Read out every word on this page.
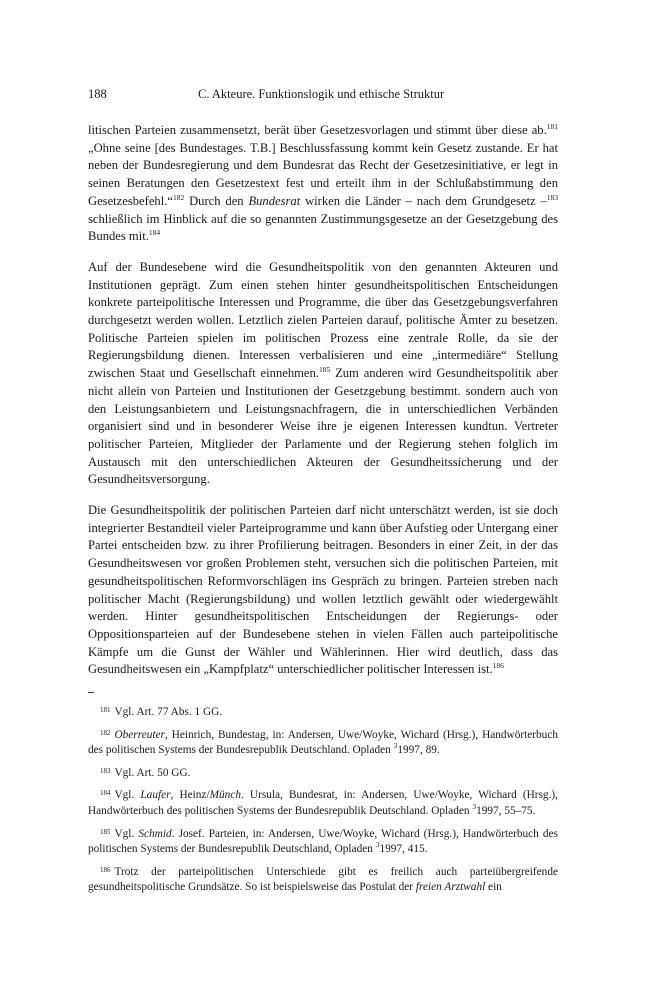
188	C. Akteure. Funktionslogik und ethische Struktur

litischen Parteien zusammensetzt, berät über Gesetzesvorlagen und stimmt über diese ab.$^{181}$ „Ohne seine [des Bundestages. T.B.] Beschlussfassung kommt kein Gesetz zustande. Er hat neben der Bundesregierung und dem Bundesrat das Recht der Gesetzesinitiative, er legt in seinen Beratungen den Gesetzestext fest und erteilt ihm in der Schlußabstimmung den Gesetzesbefehl.“$^{182}$ Durch den Bundesrat wirken die Länder – nach dem Grundgesetz –$^{183}$ schließlich im Hinblick auf die so genannten Zustimmungsgesetze an der Gesetzgebung des Bundes mit.$^{184}$

Auf der Bundesebene wird die Gesundheitspolitik von den genannten Akteuren und Institutionen geprägt. Zum einen stehen hinter gesundheitspolitischen Entscheidungen konkrete parteipolitische Interessen und Programme, die über das Gesetzgebungsverfahren durchgesetzt werden wollen. Letztlich zielen Parteien darauf, politische Ämter zu besetzen. Politische Parteien spielen im politischen Prozess eine zentrale Rolle, da sie der Regierungsbildung dienen. Interessen verbalisieren und eine „intermediäre“ Stellung zwischen Staat und Gesellschaft einnehmen.$^{185}$ Zum anderen wird Gesundheitspolitik aber nicht allein von Parteien und Institutionen der Gesetzgebung bestimmt. sondern auch von den Leistungsanbietern und Leistungsnachfragern, die in unterschiedlichen Verbänden organisiert sind und in besonderer Weise ihre je eigenen Interessen kundtun. Vertreter politischer Parteien, Mitglieder der Parlamente und der Regierung stehen folglich im Austausch mit den unterschiedlichen Akteuren der Gesundheitssicherung und der Gesundheitsversorgung.

Die Gesundheitspolitik der politischen Parteien darf nicht unterschätzt werden, ist sie doch integrierter Bestandteil vieler Parteiprogramme und kann über Aufstieg oder Untergang einer Partei entscheiden bzw. zu ihrer Profilierung beitragen. Besonders in einer Zeit, in der das Gesundheitswesen vor großen Problemen steht, versuchen sich die politischen Parteien, mit gesundheitspolitischen Reformvorschlägen ins Gespräch zu bringen. Parteien streben nach politischer Macht (Regierungsbildung) und wollen letztlich gewählt oder wiedergewählt werden. Hinter gesundheitspolitischen Entscheidungen der Regierungs- oder Oppositionsparteien auf der Bundesebene stehen in vielen Fällen auch parteipolitische Kämpfe um die Gunst der Wähler und Wählerinnen. Hier wird deutlich, dass das Gesundheitswesen ein „Kampfplatz“ unterschiedlicher politischer Interessen ist.$^{186}$

$^{181}$ Vgl. Art. 77 Abs. 1 GG.
$^{182}$ Oberreuter, Heinrich, Bundestag, in: Andersen, Uwe/Woyke, Wichard (Hrsg.), Handwörterbuch des politischen Systems der Bundesrepublik Deutschland. Opladen $^3$1997, 89.
$^{183}$ Vgl. Art. 50 GG.
$^{184}$ Vgl. Laufer, Heinz/Münch. Ursula, Bundesrat, in: Andersen, Uwe/Woyke, Wichard (Hrsg.), Handwörterbuch des politischen Systems der Bundesrepublik Deutschland. Opladen $^3$1997, 55–75.
$^{185}$ Vgl. Schmid. Josef. Parteien, in: Andersen, Uwe/Woyke, Wichard (Hrsg.), Handwörterbuch des politischen Systems der Bundesrepublik Deutschland, Opladen $^3$1997, 415.
$^{186}$ Trotz der parteipolitischen Unterschiede gibt es freilich auch parteiübergreifende gesundheitspolitische Grundsätze. So ist beispielsweise das Postulat der freien Arztwahl ein
